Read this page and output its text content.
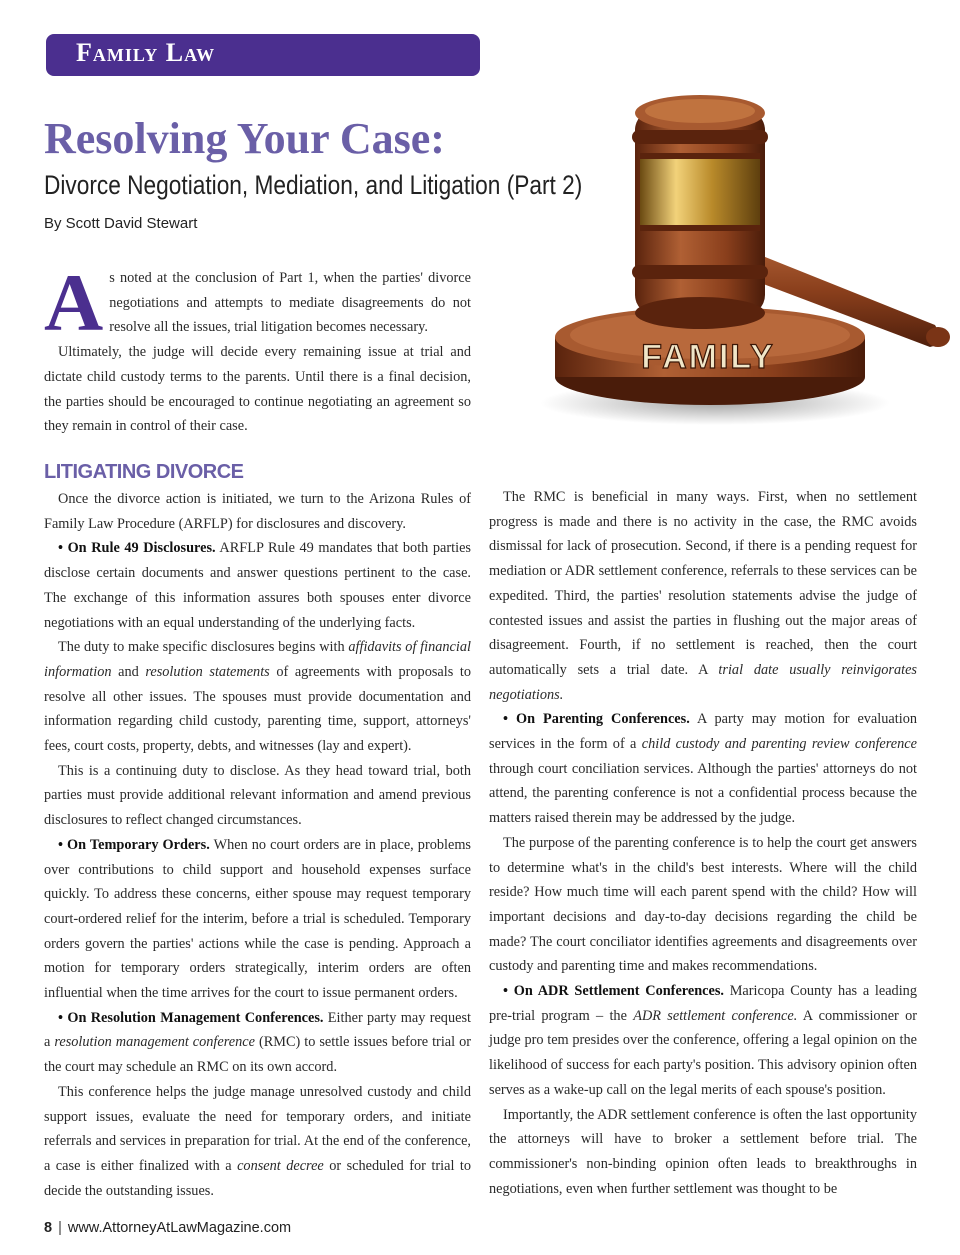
Family Law
Resolving Your Case:
Divorce Negotiation, Mediation, and Litigation (Part 2)
By Scott David Stewart
FAMILY
A s noted at the conclusion of Part 1, when the parties' divorce negotiations and attempts to mediate disagreements do not resolve all the issues, trial litigation becomes necessary.

Ultimately, the judge will decide every remaining issue at trial and dictate child custody terms to the parents. Until there is a final decision, the parties should be encouraged to continue negotiating an agreement so they remain in control of their case.

LITIGATING DIVORCE

Once the divorce action is initiated, we turn to the Arizona Rules of Family Law Procedure (ARFLP) for disclosures and discovery.

• On Rule 49 Disclosures. ARFLP Rule 49 mandates that both parties disclose certain documents and answer questions pertinent to the case. The exchange of this information assures both spouses enter divorce negotiations with an equal understanding of the underlying facts.

The duty to make specific disclosures begins with affidavits of financial information and resolution statements of agreements with proposals to resolve all other issues. The spouses must provide documentation and information regarding child custody, parenting time, support, attorneys' fees, court costs, property, debts, and witnesses (lay and expert).

This is a continuing duty to disclose. As they head toward trial, both parties must provide additional relevant information and amend previous disclosures to reflect changed circumstances.

• On Temporary Orders. When no court orders are in place, problems over contributions to child support and household expenses surface quickly. To address these concerns, either spouse may request temporary court-ordered relief for the interim, before a trial is scheduled. Temporary orders govern the parties' actions while the case is pending. Approach a motion for temporary orders strategically, interim orders are often influential when the time arrives for the court to issue permanent orders.

• On Resolution Management Conferences. Either party may request a resolution management conference (RMC) to settle issues before trial or the court may schedule an RMC on its own accord.

This conference helps the judge manage unresolved custody and child support issues, evaluate the need for temporary orders, and initiate referrals and services in preparation for trial. At the end of the conference, a case is either finalized with a consent decree or scheduled for trial to decide the outstanding issues.

The RMC is beneficial in many ways. First, when no settlement progress is made and there is no activity in the case, the RMC avoids dismissal for lack of prosecution. Second, if there is a pending request for mediation or ADR settlement conference, referrals to these services can be expedited. Third, the parties' resolution statements advise the judge of contested issues and assist the parties in flushing out the major areas of disagreement. Fourth, if no settlement is reached, then the court automatically sets a trial date. A trial date usually reinvigorates negotiations.

• On Parenting Conferences. A party may motion for evaluation services in the form of a child custody and parenting review conference through court conciliation services. Although the parties' attorneys do not attend, the parenting conference is not a confidential process because the matters raised therein may be addressed by the judge.

The purpose of the parenting conference is to help the court get answers to determine what's in the child's best interests. Where will the child reside? How much time will each parent spend with the child? How will important decisions and day-to-day decisions regarding the child be made? The court conciliator identifies agreements and disagreements over custody and parenting time and makes recommendations.

• On ADR Settlement Conferences. Maricopa County has a leading pre-trial program – the ADR settlement conference. A commissioner or judge pro tem presides over the conference, offering a legal opinion on the likelihood of success for each party's position. This advisory opinion often serves as a wake-up call on the legal merits of each spouse's position.

Importantly, the ADR settlement conference is often the last opportunity the attorneys will have to broker a settlement before trial. The commissioner's non-binding opinion often leads to breakthroughs in negotiations, even when further settlement was thought to be

8 | www.AttorneyAtLawMagazine.com
